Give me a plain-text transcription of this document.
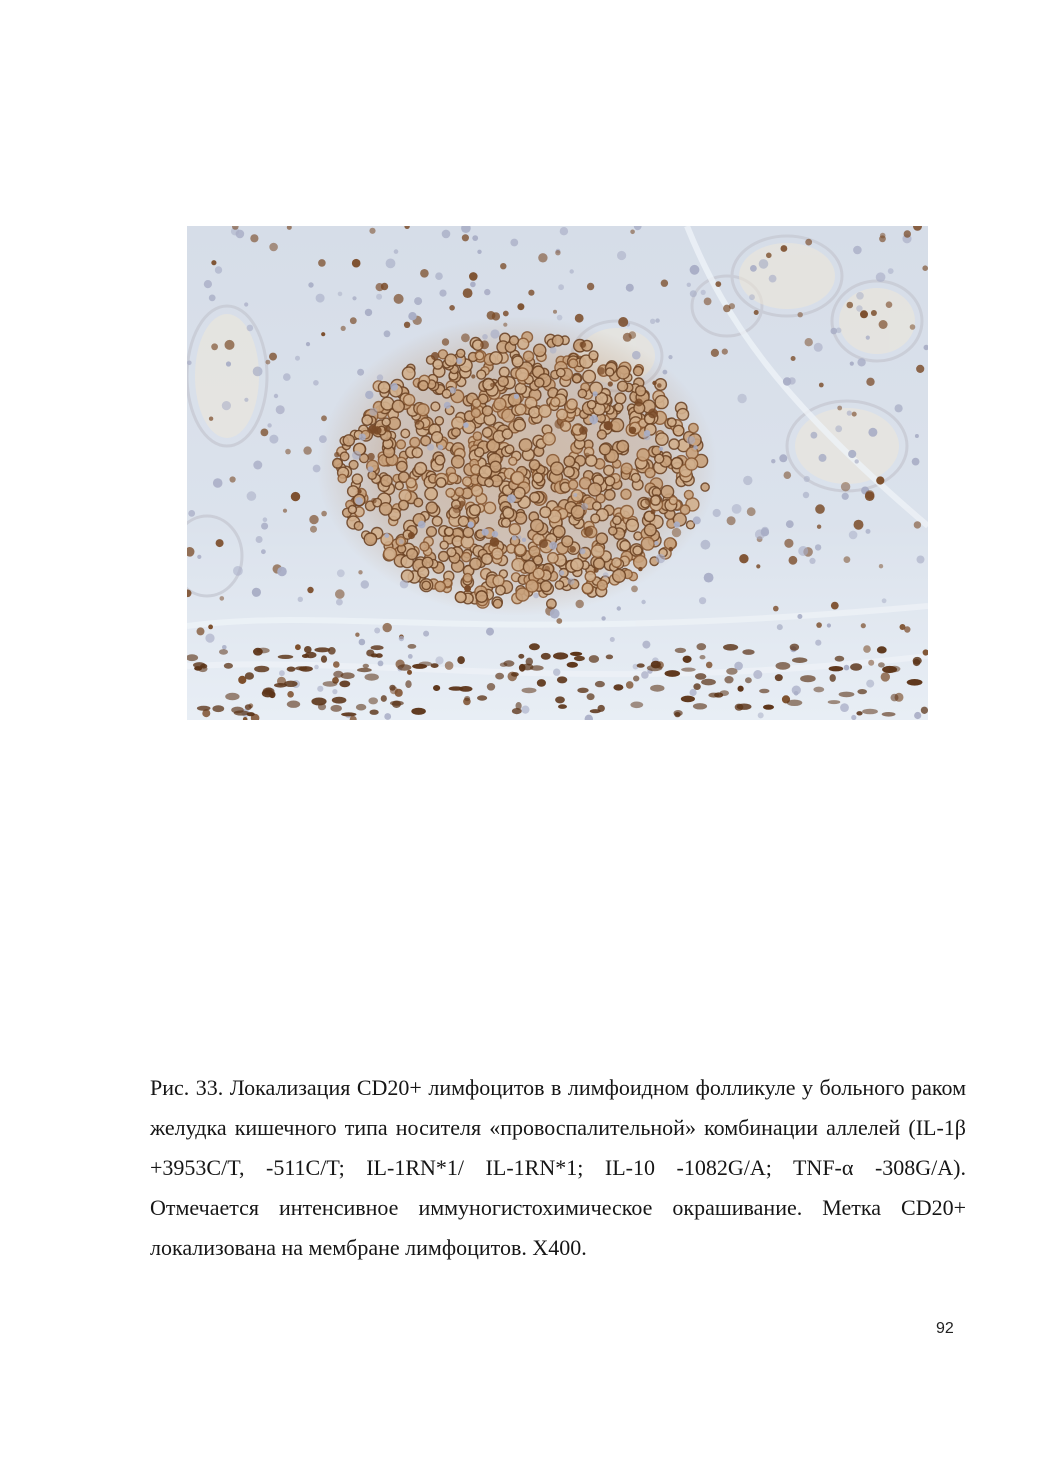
Рис. 33. Локализация CD20+ лимфоцитов в лимфоидном фолликуле у больного раком желудка кишечного типа носителя «провоспалительной» комбинации аллелей (IL-1β +3953C/T, -511C/T; IL-1RN*1/ IL-1RN*1; IL-10 -1082G/A; TNF-α -308G/A). Отмечается интенсивное иммуногистохимическое окрашивание. Метка CD20+ локализована на мембране лимфоцитов. X400.

92
